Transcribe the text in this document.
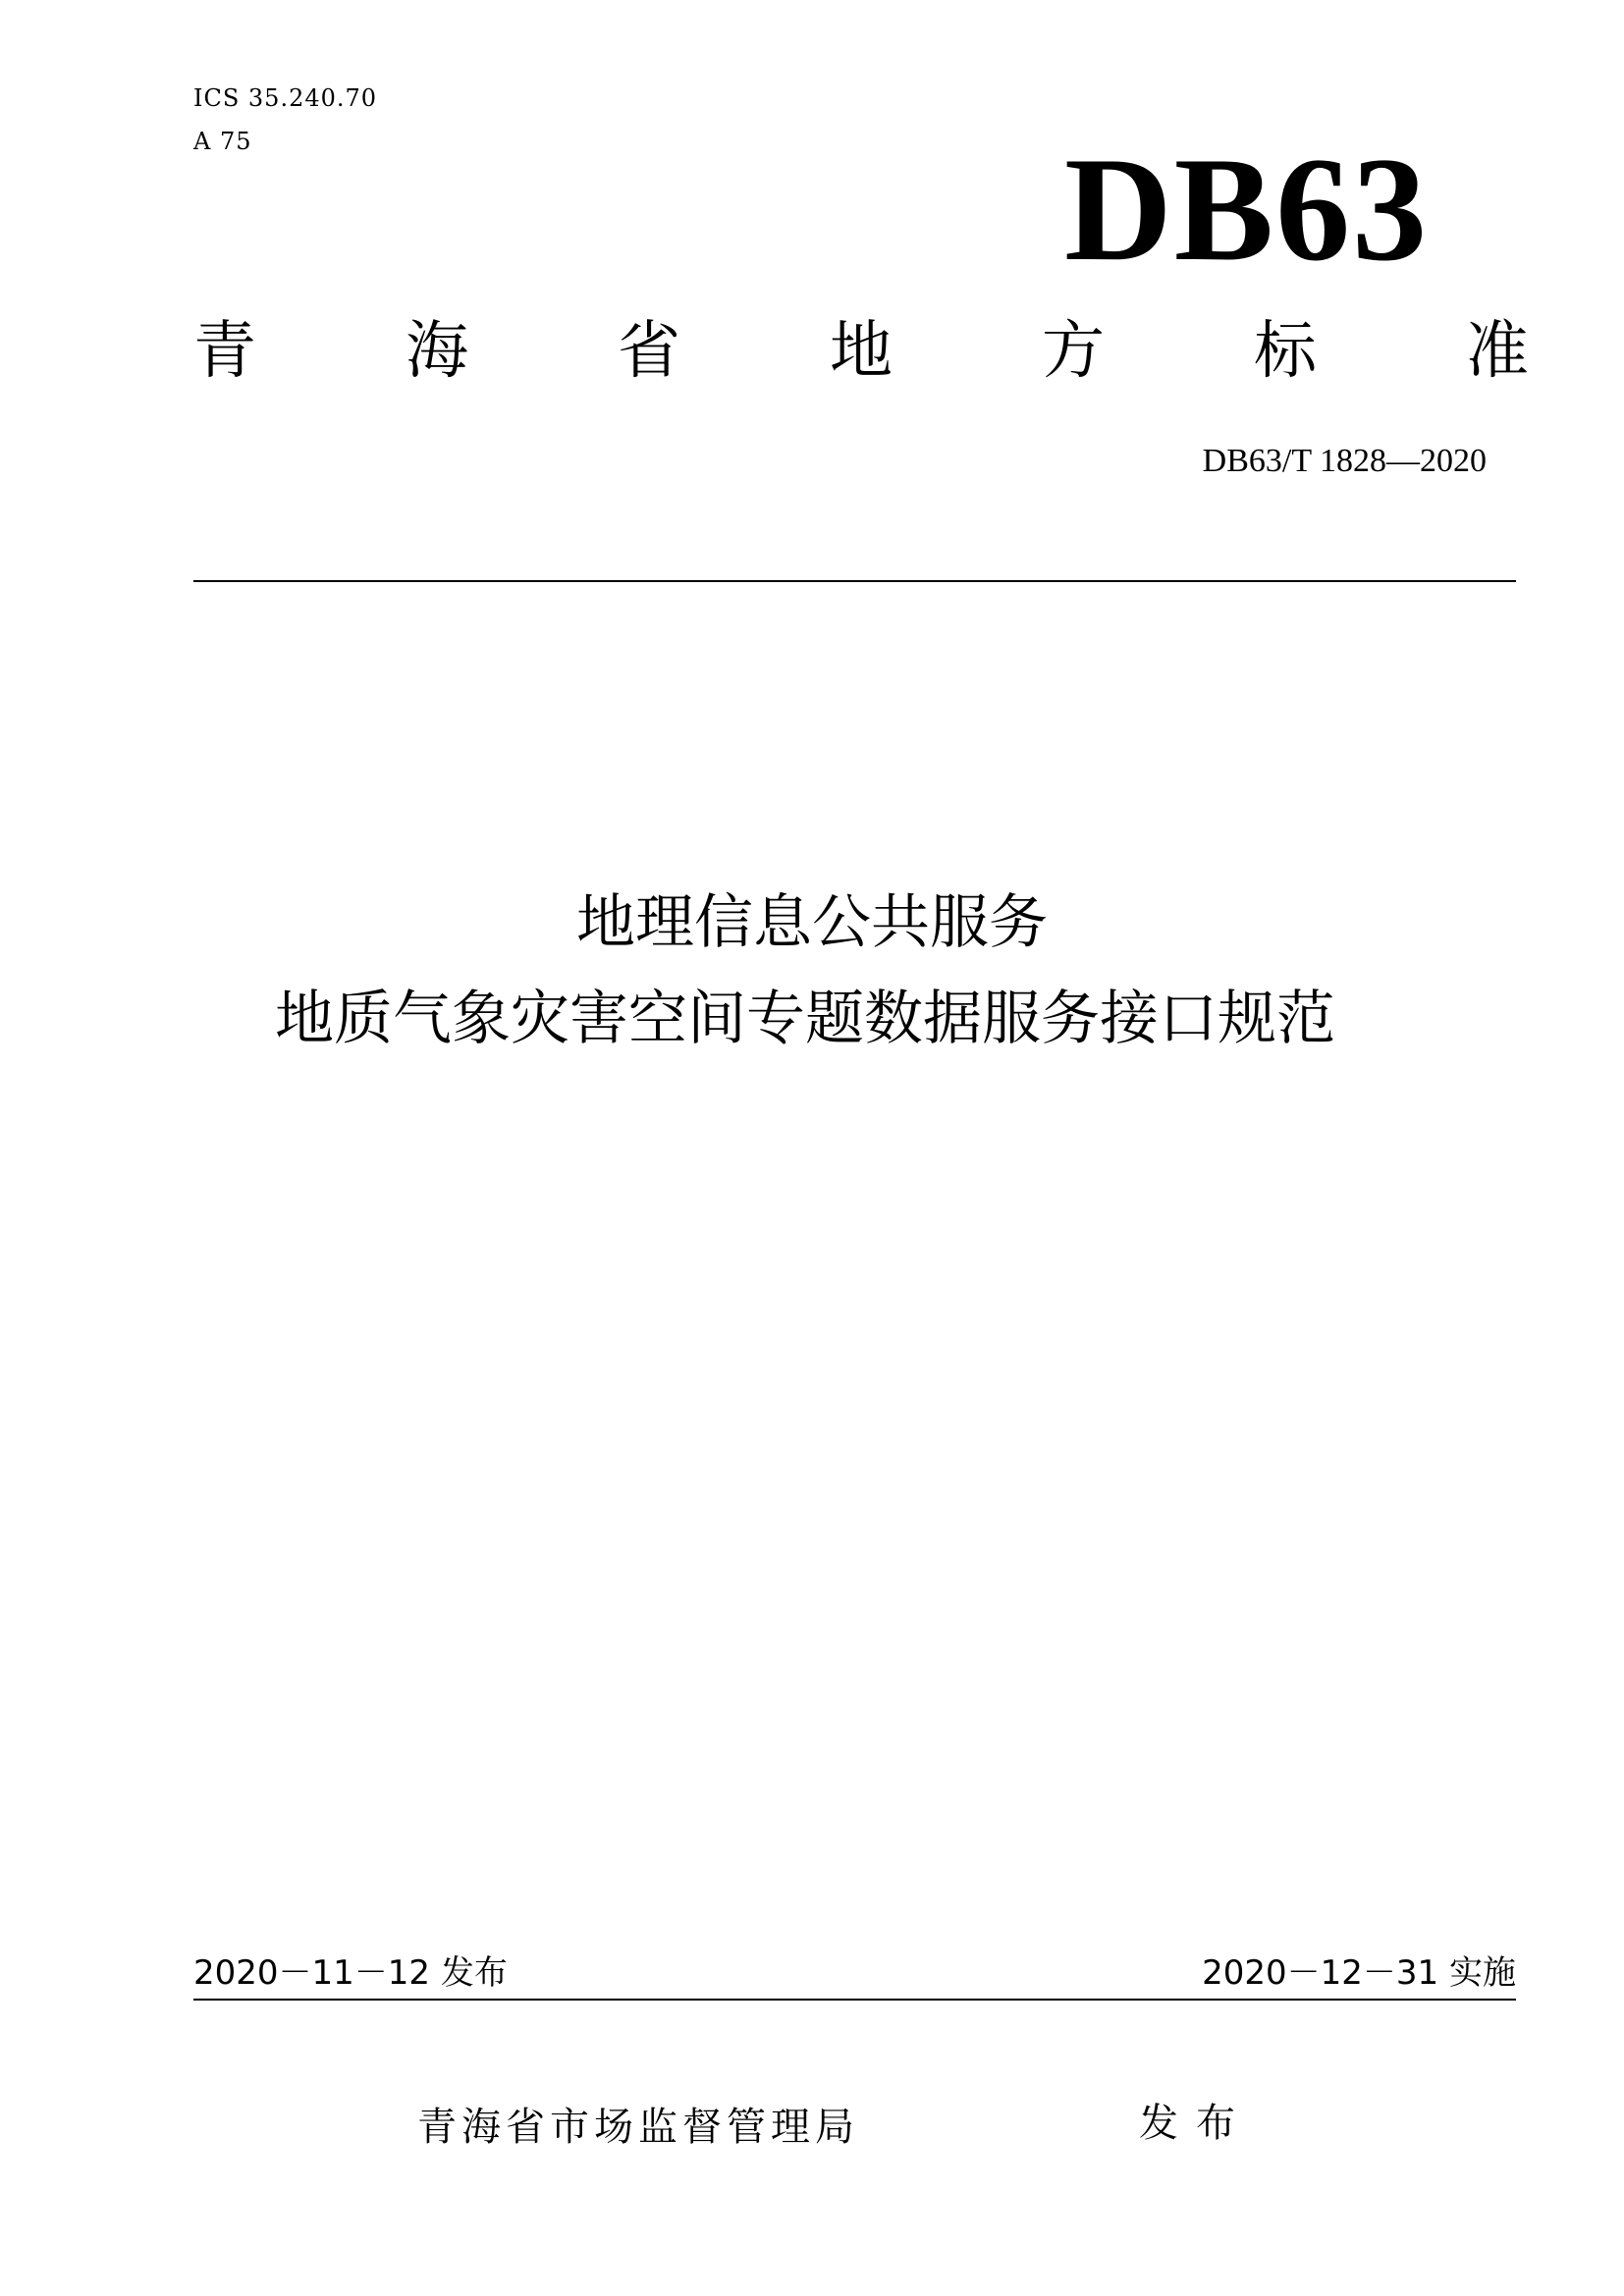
ICS 35.240.70
A 75	DB63
青 海 省 地 方 标 准
DB63/T 1828—2020
地理信息公共服务
地质气象灾害空间专题数据服务接口规范
2020－11－12 发布	2020－12－31 实施
青海省市场监督管理局	发布
